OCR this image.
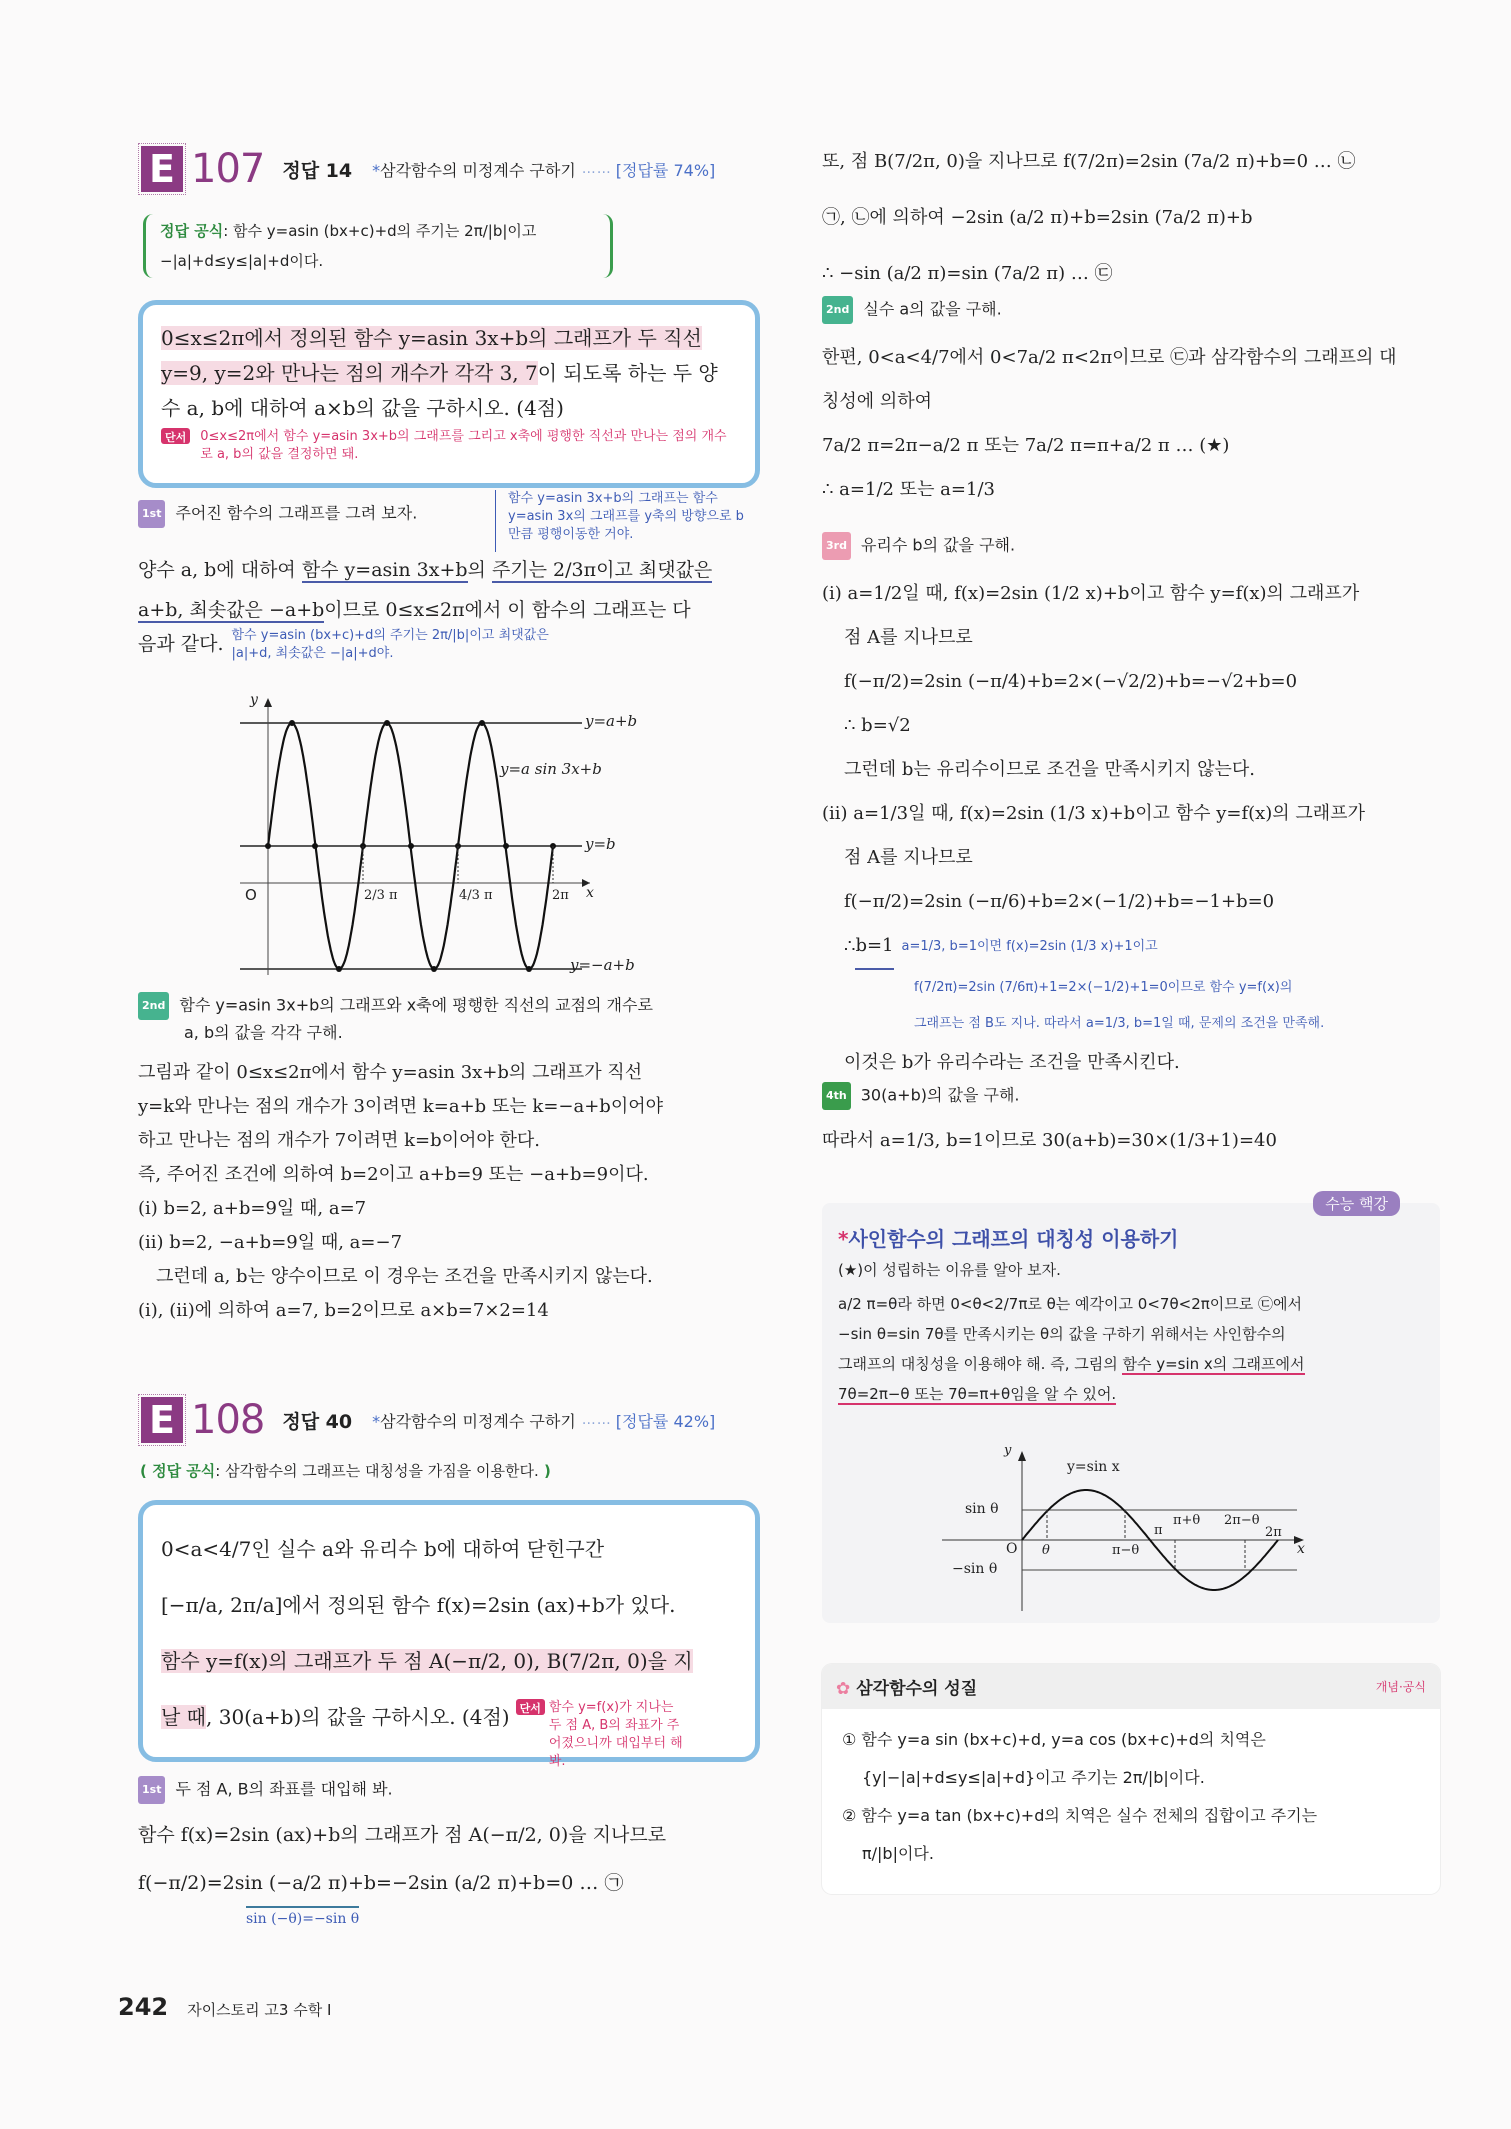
E 107 정답 14 *삼각함수의 미정계수 구하기 …… [정답률 74%]
정답 공식: 함수 y=asin (bx+c)+d의 주기는 2π/|b|이고
−|a|+d≤y≤|a|+d이다.
0≤x≤2π에서 정의된 함수 y=asin 3x+b의 그래프가 두 직선
y=9, y=2와 만나는 점의 개수가 각각 3, 7이 되도록 하는 두 양
수 a, b에 대하여 a×b의 값을 구하시오. (4점)
단서	0≤x≤2π에서 함수 y=asin 3x+b의 그래프를 그리고 x축에 평행한 직선과 만나는 점의 개수로 a, b의 값을 결정하면 돼.
1st 주어진 함수의 그래프를 그려 보자.
함수 y=asin 3x+b의 그래프는 함수 y=asin 3x의 그래프를 y축의 방향으로 b만큼 평행이동한 거야.
양수 a, b에 대하여 함수 y=asin 3x+b의 주기는 2/3π이고 최댓값은
a+b, 최솟값은 −a+b이므로 0≤x≤2π에서 이 함수의 그래프는 다
음과 같다. 함수 y=asin (bx+c)+d의 주기는 2π/|b|이고 최댓값은 |a|+d, 최솟값은 −|a|+d야.
y
x
O
y=a+b
y=a sin 3x+b
y=b
y=−a+b
2/3 π	4/3 π	2π
2nd 함수 y=asin 3x+b의 그래프와 x축에 평행한 직선의 교점의 개수로
a, b의 값을 각각 구해.
그림과 같이 0≤x≤2π에서 함수 y=asin 3x+b의 그래프가 직선
y=k와 만나는 점의 개수가 3이려면 k=a+b 또는 k=−a+b이어야
하고 만나는 점의 개수가 7이려면 k=b이어야 한다.
즉, 주어진 조건에 의하여 b=2이고 a+b=9 또는 −a+b=9이다.
(i) b=2, a+b=9일 때, a=7
(ii) b=2, −a+b=9일 때, a=−7
　그런데 a, b는 양수이므로 이 경우는 조건을 만족시키지 않는다.
(i), (ii)에 의하여 a=7, b=2이므로 a×b=7×2=14
E 108 정답 40 *삼각함수의 미정계수 구하기 …… [정답률 42%]
( 정답 공식: 삼각함수의 그래프는 대칭성을 가짐을 이용한다. )
0<a<4/7인 실수 a와 유리수 b에 대하여 닫힌구간
[−π/a, 2π/a]에서 정의된 함수 f(x)=2sin (ax)+b가 있다.
함수 y=f(x)의 그래프가 두 점 A(−π/2, 0), B(7/2π, 0)을 지
날 때, 30(a+b)의 값을 구하시오. (4점) 단서 함수 y=f(x)가 지나는 두 점 A, B의 좌표가 주어졌으니까 대입부터 해 봐.
1st 두 점 A, B의 좌표를 대입해 봐.
함수 f(x)=2sin (ax)+b의 그래프가 점 A(−π/2, 0)을 지나므로
f(−π/2)=2sin (−a/2 π)+b=−2sin (a/2 π)+b=0 … ㉠
sin (−θ)=−sin θ
242 자이스토리 고3 수학 I
또, 점 B(7/2π, 0)을 지나므로 f(7/2π)=2sin (7a/2 π)+b=0 … ㉡
㉠, ㉡에 의하여 −2sin (a/2 π)+b=2sin (7a/2 π)+b
∴ −sin (a/2 π)=sin (7a/2 π) … ㉢
2nd 실수 a의 값을 구해.
한편, 0<a<4/7에서 0<7a/2 π<2π이므로 ㉢과 삼각함수의 그래프의 대
칭성에 의하여
7a/2 π=2π−a/2 π 또는 7a/2 π=π+a/2 π … (★)
∴ a=1/2 또는 a=1/3
3rd 유리수 b의 값을 구해.
(i) a=1/2일 때, f(x)=2sin (1/2 x)+b이고 함수 y=f(x)의 그래프가
점 A를 지나므로
f(−π/2)=2sin (−π/4)+b=2×(−√2/2)+b=−√2+b=0
∴ b=√2
그런데 b는 유리수이므로 조건을 만족시키지 않는다.
(ii) a=1/3일 때, f(x)=2sin (1/3 x)+b이고 함수 y=f(x)의 그래프가
점 A를 지나므로
f(−π/2)=2sin (−π/6)+b=2×(−1/2)+b=−1+b=0
∴ b=1 a=1/3, b=1이면 f(x)=2sin (1/3 x)+1이고
f(7/2π)=2sin (7/6π)+1=2×(−1/2)+1=0이므로 함수 y=f(x)의
그래프는 점 B도 지나. 따라서 a=1/3, b=1일 때, 문제의 조건을 만족해.
이것은 b가 유리수라는 조건을 만족시킨다.
4th 30(a+b)의 값을 구해.
따라서 a=1/3, b=1이므로 30(a+b)=30×(1/3+1)=40
수능 핵강
*사인함수의 그래프의 대칭성 이용하기
(★)이 성립하는 이유를 알아 보자.
a/2 π=θ라 하면 0<θ<2/7π로 θ는 예각이고 0<7θ<2π이므로 ㉢에서
−sin θ=sin 7θ를 만족시키는 θ의 값을 구하기 위해서는 사인함수의
그래프의 대칭성을 이용해야 해. 즉, 그림의 함수 y=sin x의 그래프에서
7θ=2π−θ 또는 7θ=π+θ임을 알 수 있어.
y
x
O
y=sin x
sin θ
−sin θ
θ	π−θ
π
π+θ 2π−θ
2π
✿ 삼각함수의 성질	개념·공식
① 함수 y=a sin (bx+c)+d, y=a cos (bx+c)+d의 치역은
{y|−|a|+d≤y≤|a|+d}이고 주기는 2π/|b|이다.
② 함수 y=a tan (bx+c)+d의 치역은 실수 전체의 집합이고 주기는
π/|b|이다.
